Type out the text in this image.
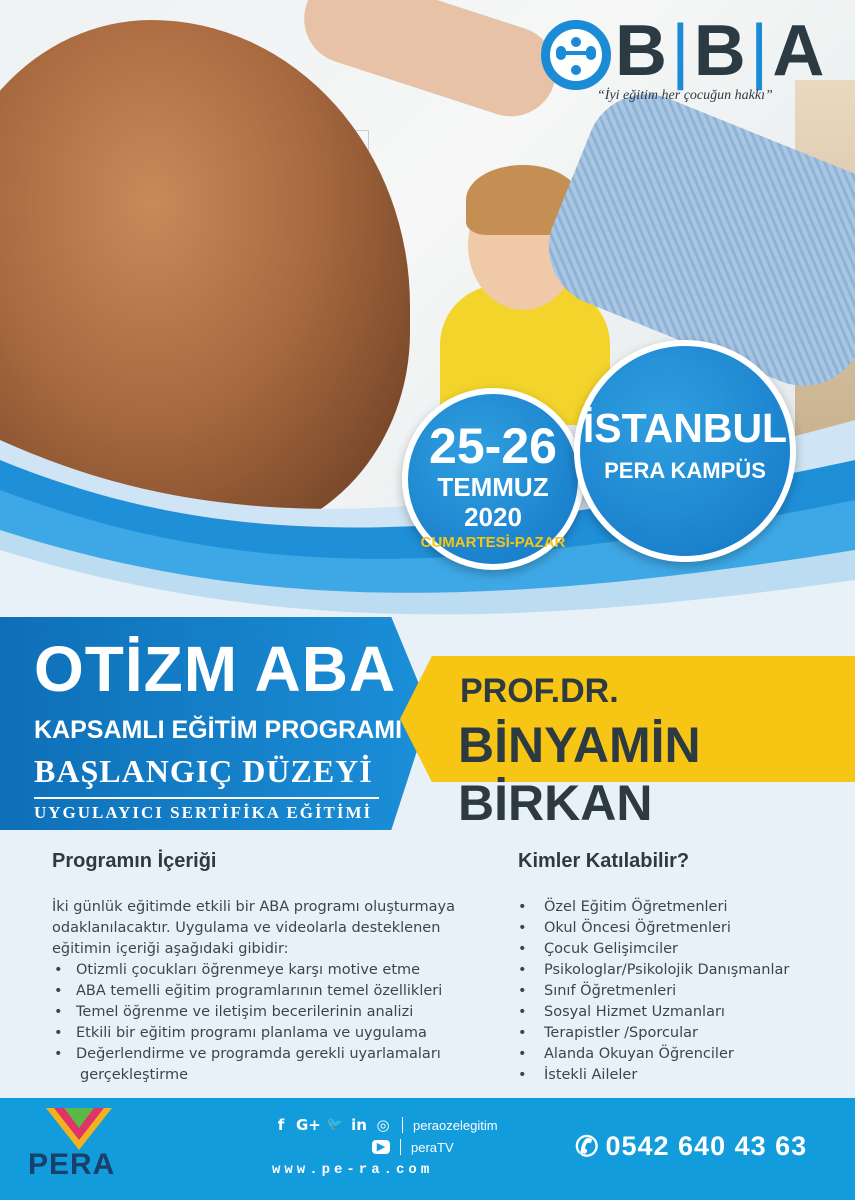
B|B|A
“İyi eğitim her çocuğun hakkı”
25-26
TEMMUZ 2020
CUMARTESİ-PAZAR
İSTANBUL
PERA KAMPÜS
OTİZM ABA
KAPSAMLI EĞİTİM PROGRAMI
BAŞLANGIÇ DÜZEYİ
UYGULAYICI SERTİFİKA EĞİTİMİ
PROF.DR.
BİNYAMİN BİRKAN
Programın İçeriği

İki günlük eğitimde etkili bir ABA programı oluşturmaya

odaklanılacaktır. Uygulama ve videolarla desteklenen

eğitimin içeriği aşağıdaki gibidir:

• Otizmli çocukları öğrenmeye karşı motive etme
• ABA temelli eğitim programlarının temel özellikleri
• Temel öğrenme ve iletişim becerilerinin analizi
• Etkili bir eğitim programı planlama ve uygulama
• Değerlendirme ve programda gerekli uyarlamaları

gerçekleştirme

Kimler Katılabilir?
• Özel Eğitim Öğretmenleri
• Okul Öncesi Öğretmenleri
• Çocuk Gelişimciler
• Psikologlar/Psikolojik Danışmanlar
• Sınıf Öğretmenleri
• Sosyal Hizmet Uzmanları
• Terapistler /Sporcular
• Alanda Okuyan Öğrenciler
• İstekli Aileler
PERA
f G+ 🐦 in ◎ peraozelegitim
▶	peraTV
www.pe-ra.com
✆ 0542 640 43 63
